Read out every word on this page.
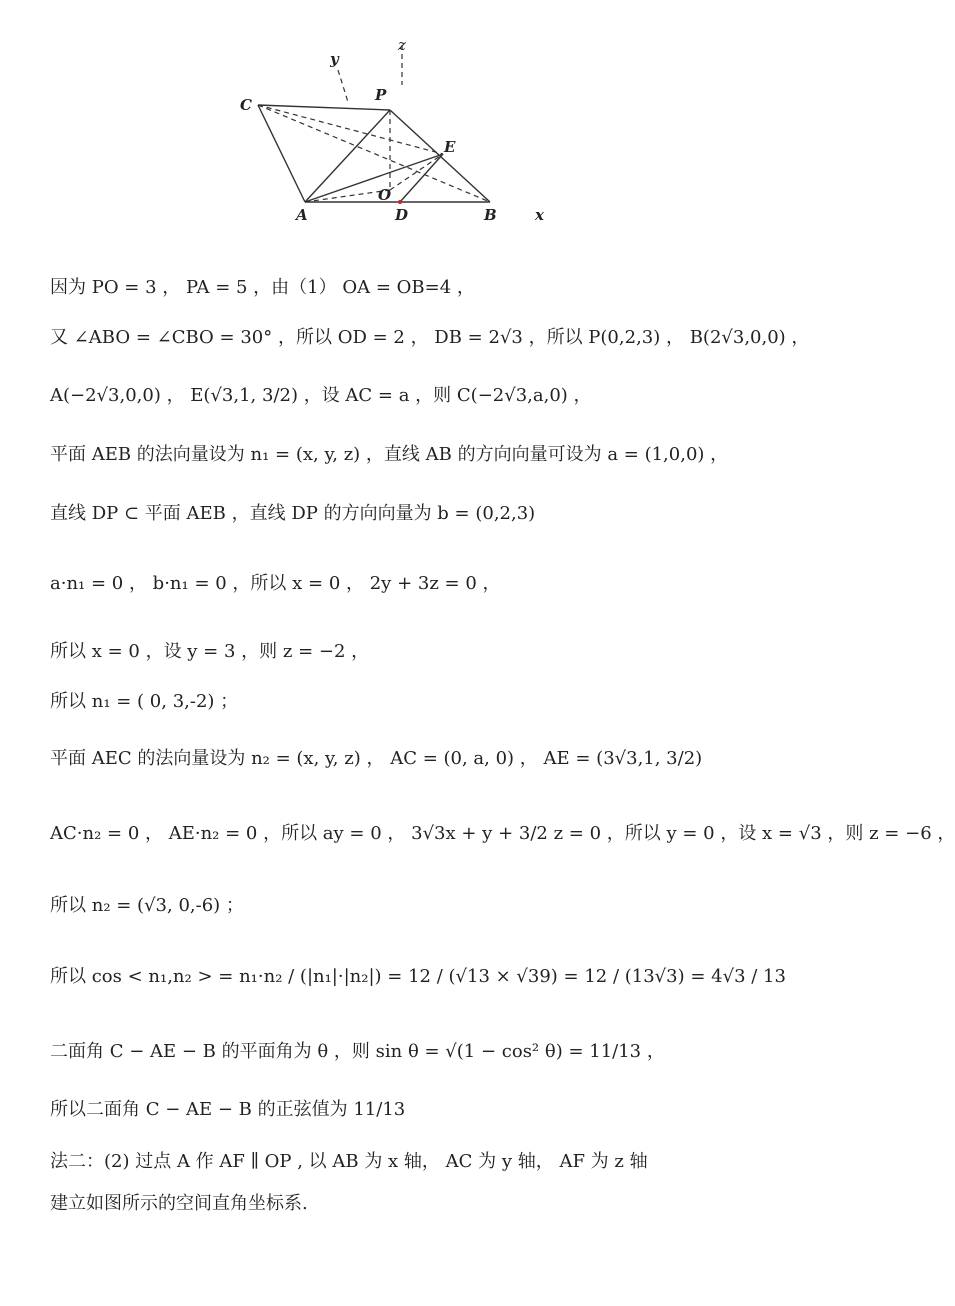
y
z
C
P
E
O
A	D	B	x
因为 PO = 3 ， PA = 5 ，由（1） OA = OB=4 ，
又 ∠ABO = ∠CBO = 30° ，所以 OD = 2 ， DB = 2√3 ，所以 P(0,2,3) ， B(2√3,0,0) ，
A(−2√3,0,0) ， E(√3,1, 3/2) ，设 AC = a ，则 C(−2√3,a,0) ，
平面 AEB 的法向量设为 n₁ = (x, y, z) ，直线 AB 的方向向量可设为 a = (1,0,0) ，
直线 DP ⊂ 平面 AEB ，直线 DP 的方向向量为 b = (0,2,3)
a·n₁ = 0 ， b·n₁ = 0 ，所以 x = 0 ， 2y + 3z = 0 ，
所以 x = 0 ，设 y = 3 ，则 z = −2 ，
所以 n₁ = ( 0, 3,-2) ；
平面 AEC 的法向量设为 n₂ = (x, y, z) ， AC = (0, a, 0) ， AE = (3√3,1, 3/2)
AC·n₂ = 0 ， AE·n₂ = 0 ，所以 ay = 0 ， 3√3x + y + 3/2 z = 0 ，所以 y = 0 ，设 x = √3 ，则 z = −6 ，
所以 n₂ = (√3, 0,-6) ；
所以 cos < n₁,n₂ > = n₁·n₂ / (|n₁|·|n₂|) = 12 / (√13 × √39) = 12 / (13√3) = 4√3 / 13
二面角 C − AE − B 的平面角为 θ ，则 sin θ = √(1 − cos² θ) = 11/13 ，
所以二面角 C − AE − B 的正弦值为 11/13
法二：(2) 过点 A 作 AF ∥ OP , 以 AB 为 x 轴， AC 为 y 轴， AF 为 z 轴
建立如图所示的空间直角坐标系.
